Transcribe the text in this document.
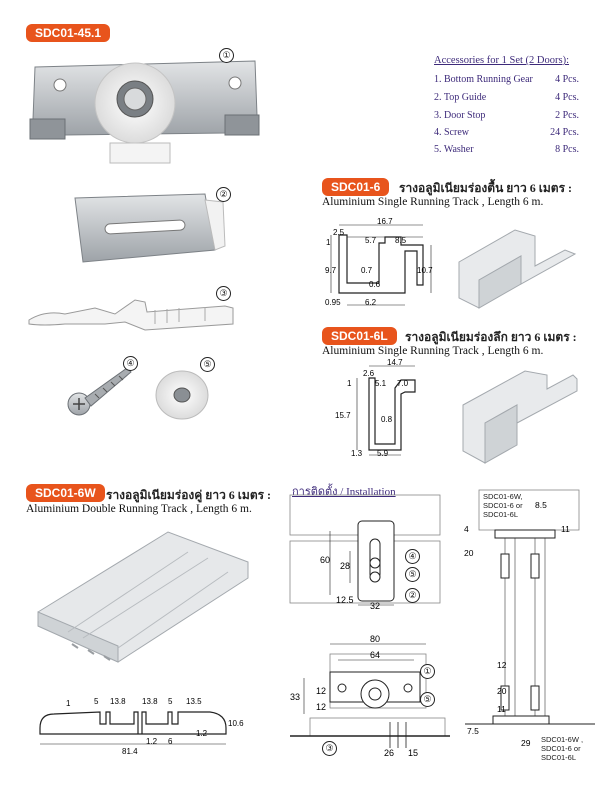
SDC01-45.1
①
②
③
④	⑤
Accessories for 1 Set (2 Doors):
1. Bottom Running Gear 4 Pcs.
2. Top Guide	4 Pcs.
3. Door Stop	2 Pcs.
4. Screw	24 Pcs.
5. Washer	8 Pcs.
SDC01-6	รางอลูมิเนียมร่องตื้น ยาว 6 เมตร :
Aluminium Single Running Track , Length 6 m.
16.7
2.5
5.7 8.5
1
9.7	0.7	10.7
0.6
0.95	6.2
SDC01-6L	รางอลูมิเนียมร่องลึก ยาว 6 เมตร :
Aluminium Single Running Track , Length 6 m.
14.7
2.6
5.1 7.0
1
15.7	0.8
1.3 5.9
SDC01-6W รางอลูมิเนียมร่องคู่ ยาว 6 เมตร :
Aluminium Double Running Track , Length 6 m.
1	5 13.8 13.8 5 13.5
10.6
1.2
1.2
6
81.4
การติดตั้ง / Installation
60
28
12.5
32
④
⑤
②
80
64
33
12
12
26 15
①
⑤
③
8.5
4	11
20
12
20
11
7.5
29
SDC01-6W,
SDC01-6 or
SDC01-6L
SDC01-6W ,
SDC01-6 or
SDC01-6L
